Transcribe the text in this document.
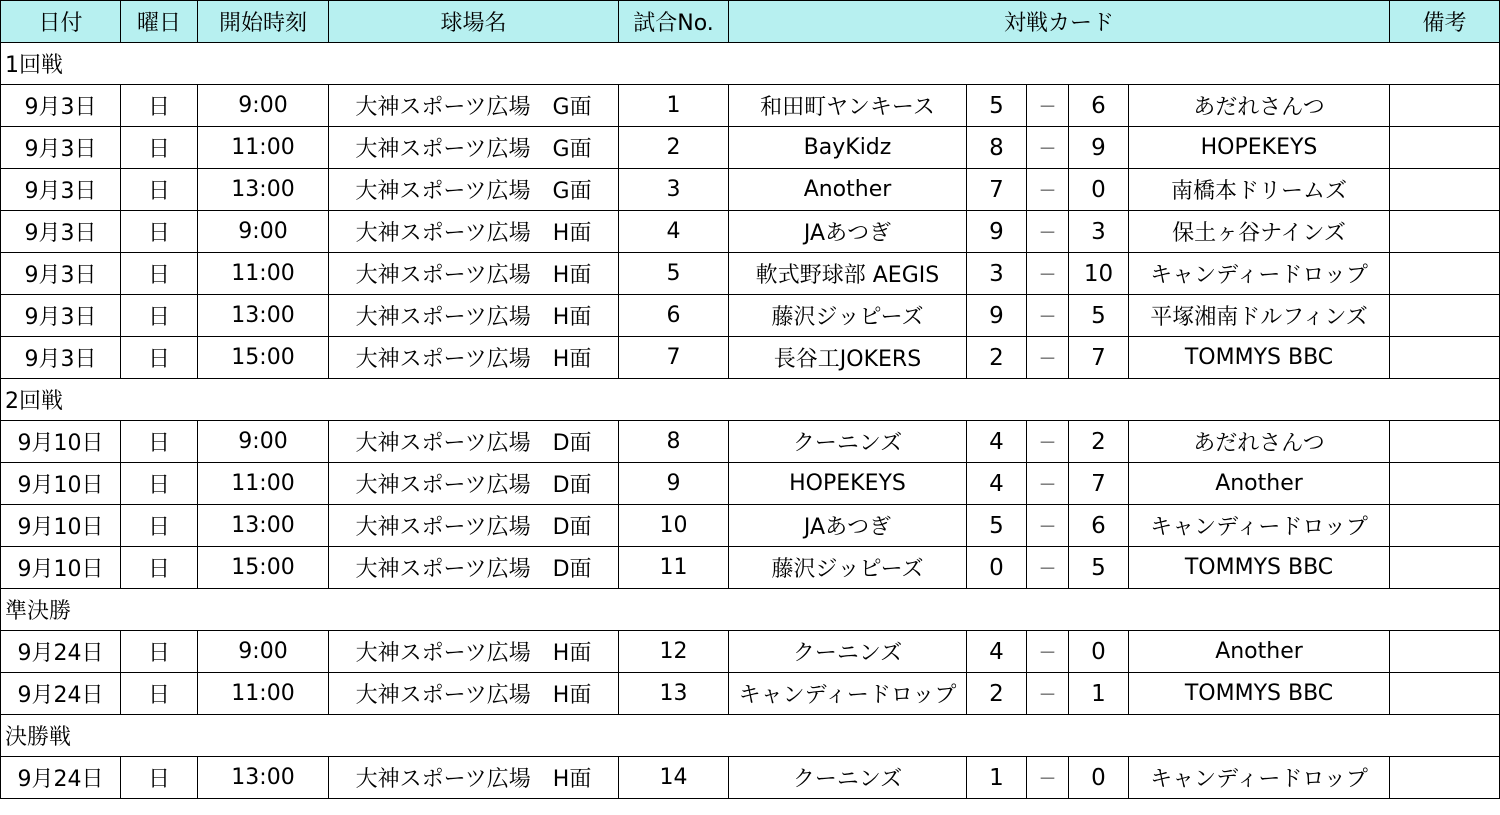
日付	曜日	開始時刻	球場名	試合No.	対戦カード					備考
1回戦										
9月3日	日	9:00	大神スポーツ広場　G面	1	和田町ヤンキース	5	－	6	あだれさんつ	
9月3日	日	11:00	大神スポーツ広場　G面	2	BayKidz	8	－	9	HOPEKEYS	
9月3日	日	13:00	大神スポーツ広場　G面	3	Another	7	－	0	南橋本ドリームズ	
9月3日	日	9:00	大神スポーツ広場　H面	4	JAあつぎ	9	－	3	保土ヶ谷ナインズ	
9月3日	日	11:00	大神スポーツ広場　H面	5	軟式野球部 AEGIS	3	－	10	キャンディードロップ	
9月3日	日	13:00	大神スポーツ広場　H面	6	藤沢ジッピーズ	9	－	5	平塚湘南ドルフィンズ	
9月3日	日	15:00	大神スポーツ広場　H面	7	長谷工JOKERS	2	－	7	TOMMYS BBC	
2回戦										
9月10日	日	9:00	大神スポーツ広場　D面	8	クーニンズ	4	－	2	あだれさんつ	
9月10日	日	11:00	大神スポーツ広場　D面	9	HOPEKEYS	4	－	7	Another	
9月10日	日	13:00	大神スポーツ広場　D面	10	JAあつぎ	5	－	6	キャンディードロップ	
9月10日	日	15:00	大神スポーツ広場　D面	11	藤沢ジッピーズ	0	－	5	TOMMYS BBC	
準決勝										
9月24日	日	9:00	大神スポーツ広場　H面	12	クーニンズ	4	－	0	Another	
9月24日	日	11:00	大神スポーツ広場　H面	13	キャンディードロップ	2	－	1	TOMMYS BBC	
決勝戦										
9月24日	日	13:00	大神スポーツ広場　H面	14	クーニンズ	1	－	0	キャンディードロップ	
